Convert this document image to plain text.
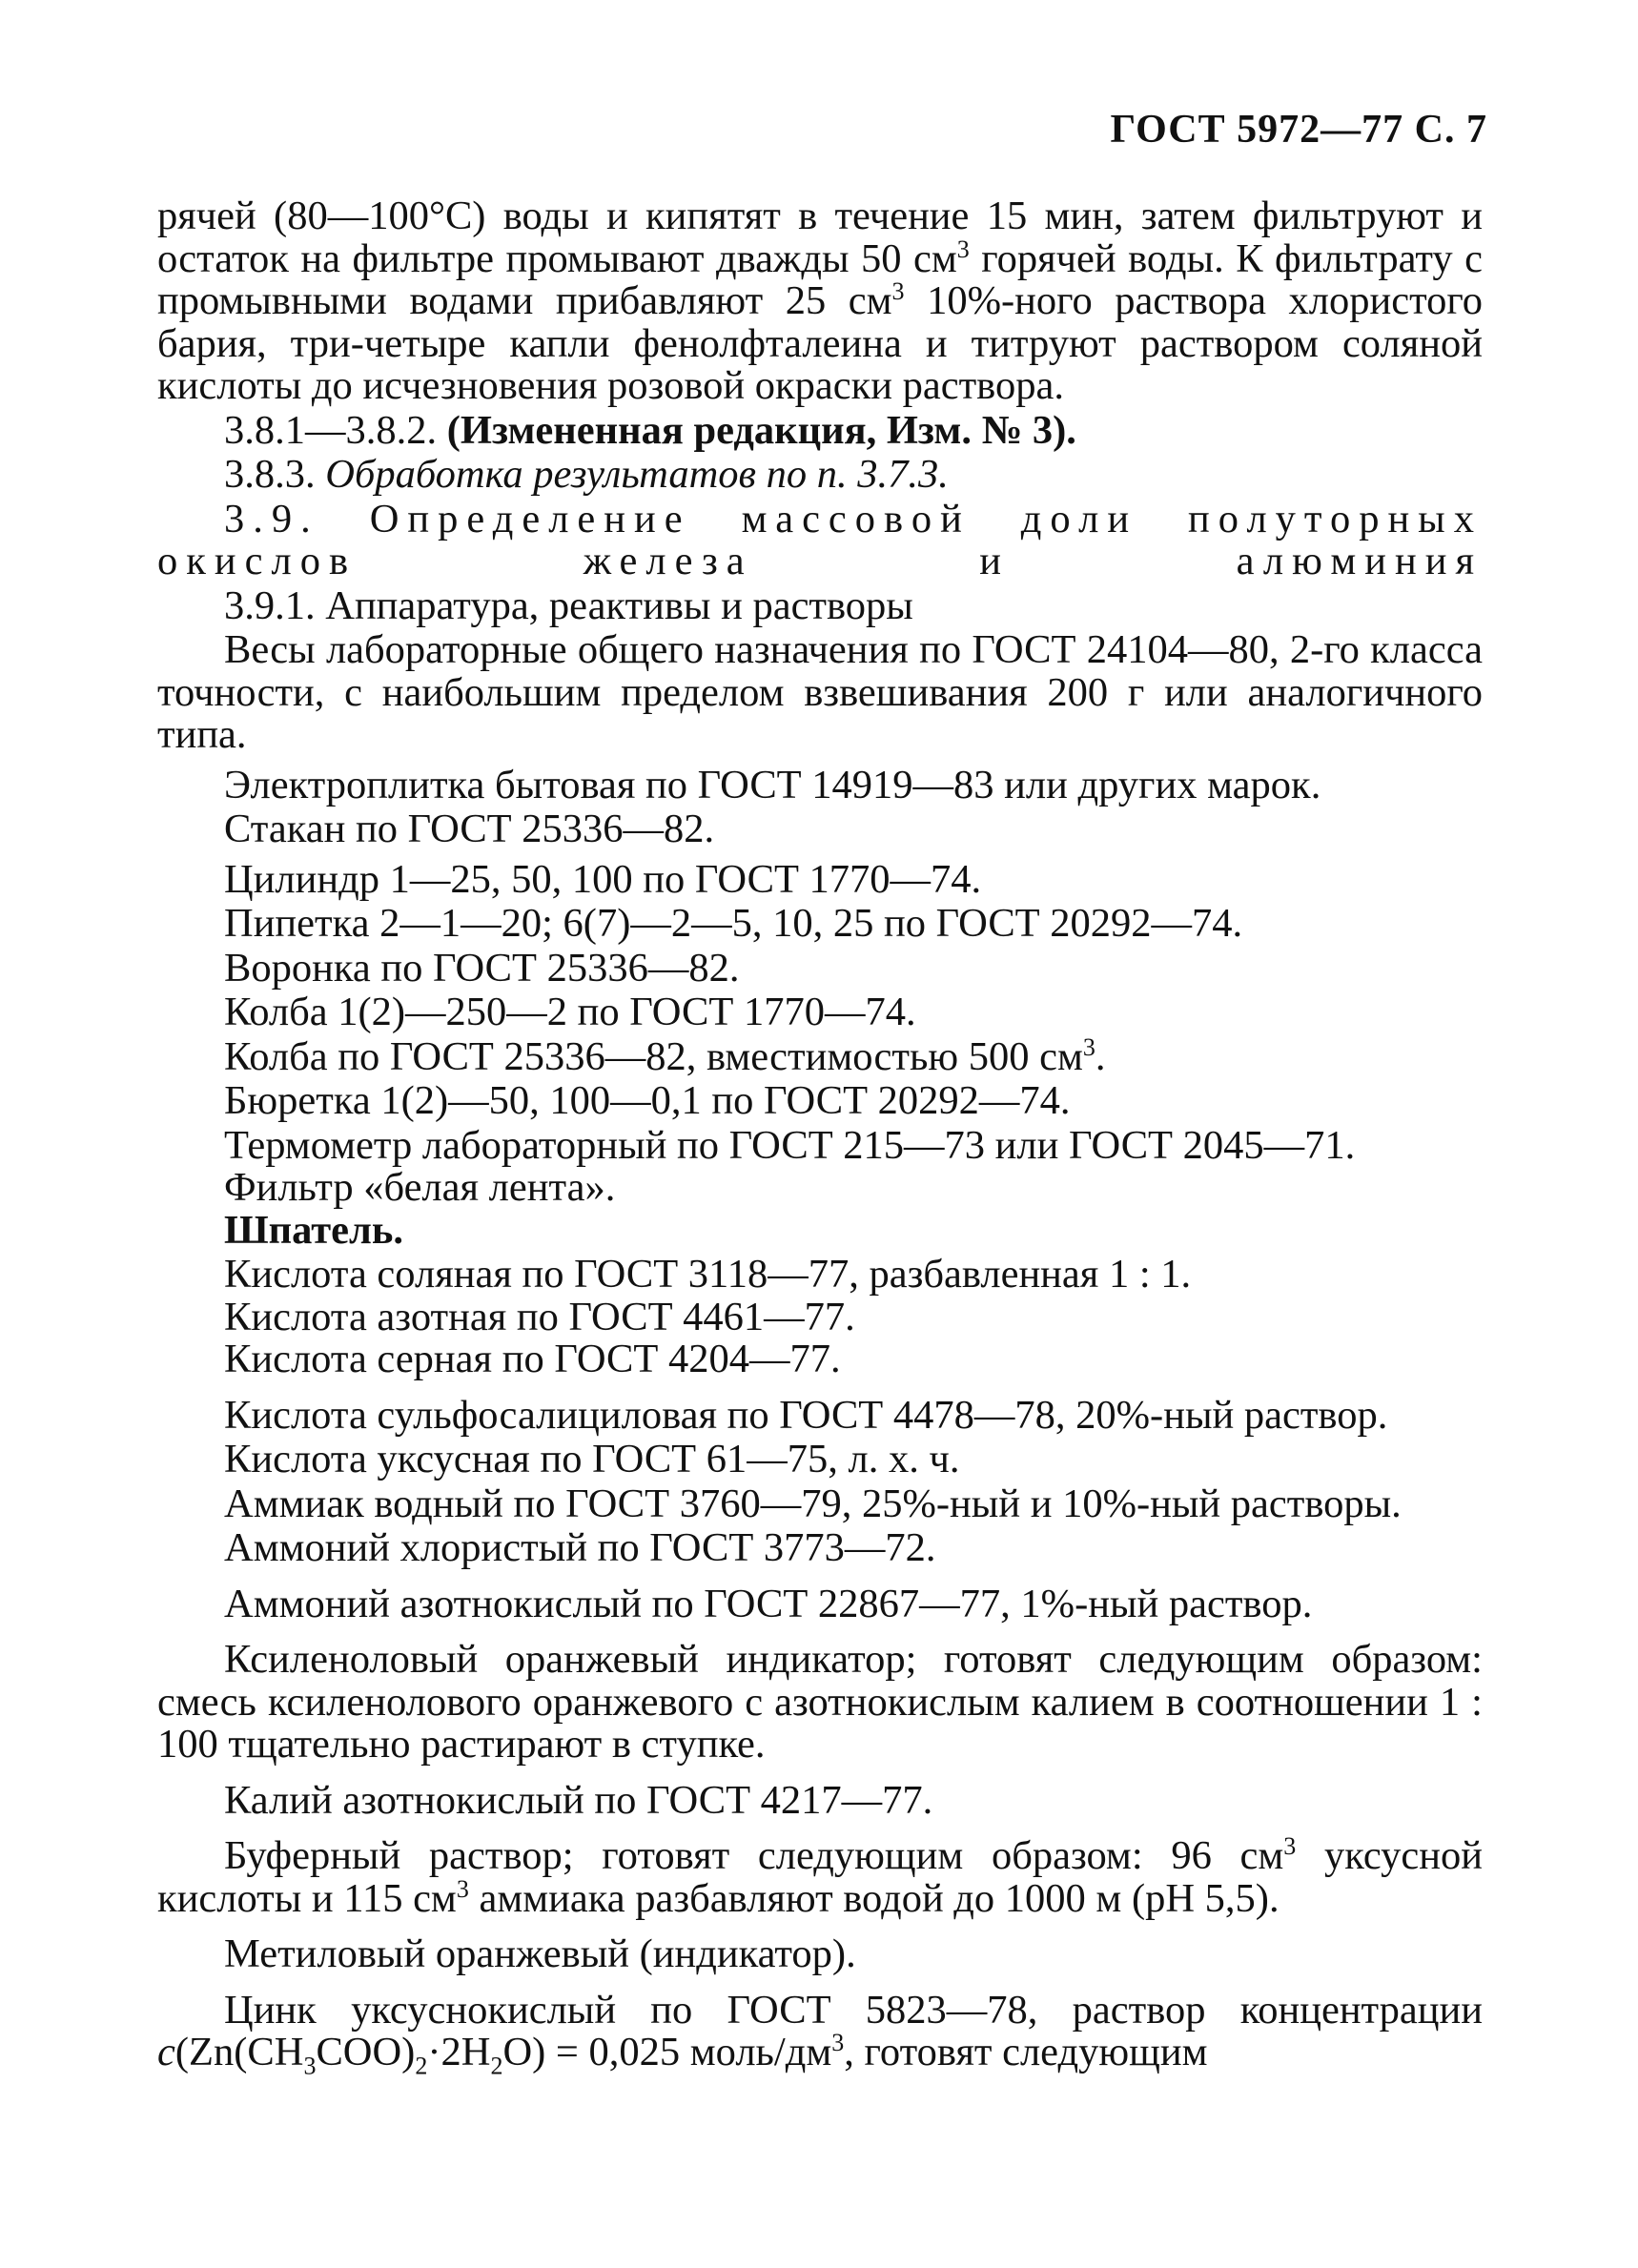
ГОСТ 5972—77 С. 7

рячей (80—100°С) воды и кипятят в течение 15 мин, затем фильтруют и остаток на фильтре промывают дважды 50 $см^3$ горячей воды. К фильтрату с промывными водами прибавляют 25 $см^3$ 10%-ного раствора хлористого бария, три-четыре капли фенолфталеина и титруют раствором соляной кислоты до исчезновения розовой окраски раствора.

3.8.1—3.8.2. (Измененная редакция, Изм. № 3).

3.8.3. Обработка результатов по п. 3.7.3.

3.9. Определение массовой доли полуторных окислов железа и алюминия

3.9.1. Аппаратура, реактивы и растворы

Весы лабораторные общего назначения по ГОСТ 24104—80, 2-го класса точности, с наибольшим пределом взвешивания 200 г или аналогичного типа.

Электроплитка бытовая по ГОСТ 14919—83 или других марок.

Стакан по ГОСТ 25336—82.

Цилиндр 1—25, 50, 100 по ГОСТ 1770—74.

Пипетка 2—1—20; 6(7)—2—5, 10, 25 по ГОСТ 20292—74.

Воронка по ГОСТ 25336—82.

Колба 1(2)—250—2 по ГОСТ 1770—74.

Колба по ГОСТ 25336—82, вместимостью 500 $см^3$.

Бюретка 1(2)—50, 100—0,1 по ГОСТ 20292—74.

Термометр лабораторный по ГОСТ 215—73 или ГОСТ 2045—71.

Фильтр «белая лента».

Шпатель.

Кислота соляная по ГОСТ 3118—77, разбавленная 1 : 1.

Кислота азотная по ГОСТ 4461—77.

Кислота серная по ГОСТ 4204—77.

Кислота сульфосалициловая по ГОСТ 4478—78, 20%-ный раствор.

Кислота уксусная по ГОСТ 61—75, л. х. ч.

Аммиак водный по ГОСТ 3760—79, 25%-ный и 10%-ный растворы.

Аммоний хлористый по ГОСТ 3773—72.

Аммоний азотнокислый по ГОСТ 22867—77, 1%-ный раствор.

Ксиленоловый оранжевый индикатор; готовят следующим образом: смесь ксиленолового оранжевого с азотнокислым калием в соотношении 1 : 100 тщательно растирают в ступке.

Калий азотнокислый по ГОСТ 4217—77.

Буферный раствор; готовят следующим образом: 96 $см^3$ уксусной кислоты и 115 $см^3$ аммиака разбавляют водой до 1000 м (рН 5,5).

Метиловый оранжевый (индикатор).

Цинк уксуснокислый по ГОСТ 5823—78, раствор концентрации $c(Zn(CH_3COO)_2\cdot 2H_2O) = 0,025$ моль/$дм^3$, готовят следующим
